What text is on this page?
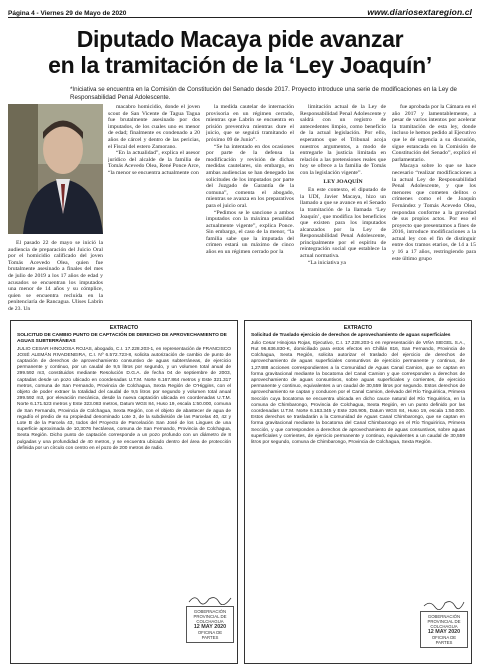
Página 4 - Viernes 29 de Mayo de 2020	www.diariosextaregion.cl
Diputado Macaya pide avanzar
en la tramitación de la ‘Ley Joaquín’
*Iniciativa se encuentra en la Comisión de Constitución del Senado desde 2017. Proyecto introduce una serie de modificaciones en la Ley de Responsabilidad Penal Adolescente.

El pasado 22 de mayo se inició la audiencia de preparación del Juicio Oral por el homicidio calificado del joven Tomás Acevedo Olea, quien fue brutalmente asesinado a finales del mes de julio de 2019 a los 17 años de edad y acusados se encuentran los imputados una menor de 14 años y su cómplice, quien se encuentra recluida en la penitenciaría de Rancagua. Ulises Labrín de 23. Un

macabro homicidio, donde el joven scout de San Vicente de Tagua Tagua fue brutalmente asesinado por dos imputados, de los cuales uno es menor de edad; finalmente es condenado a 20 años de cárcel y dentro de las pericias, el Fiscal del estero Zamorano.

“En la actualidad”, explica el asesor jurídico del alcalde de la familia de Tomás Acevedo Olea, René Ponce Arce, “la menor se encuentra actualmente con

la medida cautelar de internación provisoria en un régimen cerrado, mientras que Labrín se encuentra en prisión preventiva mientras dure el juicio, que se seguirá tramitando el próximo 09 de Junio”.

“Se ha intentado en dos ocasiones por parte de la defensa la modificación y revisión de dichas medidas cautelares, sin embargo, en ambas audiencias se han denegado las solicitudes de los imputados por parte del Juzgado de Garantía de la comuna”, comenta el abogado, mientras se avanza en los preparativos para el juicio oral.

“Pedimos se le sancione a ambos imputados con la máxima penalidad actualmente vigente”, explica Ponce. Sin embargo, el caso de la menor, “la familia sabe que la imputada del crimen estará un máximo de cinco años en un régimen cerrado por la

limitación actual de la Ley de Responsabilidad Penal Adolescente y saldrá con un registro de antecedentes limpio, como beneficio de la actual legislación. Por ello, esperamos que el Tribunal acoja nuestros argumentos, a modo de entregarle la justicia limitada en relación a las pretensiones reales que hoy se ofrece a la familia de Tomás con la legislación vigente”.

LEY JOAQUÍN

En este contexto, el diputado de la UDI, Javier Macaya, hizo un llamado a que se avance en el Senado la tramitación de la llamada ‘Ley Joaquín’, que modifica los beneficios que existen para los imputados alcanzados por la Ley de Responsabilidad Penal Adolescente, principalmente por el espíritu de reintegración social que establece la actual normativa.

“La iniciativa ya

fue aprobada por la Cámara en el año 2017 y lamentablemente, a pesar de varios intentos por acelerar la tramitación de esta ley, donde incluso le hemos pedido al Ejecutivo que le dé urgencia a su discusión, sigue estancada en la Comisión de Constitución del Senado”, explicó el parlamentario.

Macaya sobre lo que se hace necesario “realizar modificaciones a la actual Ley de Responsabilidad Penal Adolescente, y que los menores que cometen delitos o crímenes como el de Joaquín Fernández y Tomás Acevedo Olea, respondan conforme a la gravedad de sus propios actos. Por eso el proyecto que presentamos a fines de 2016, introduce modificaciones a la actual ley con el fin de distinguir entre dos tramos etarios, de 14 a 15 y 16 a 17 años, restringiendo para este último grupo

EXTRACTO
SOLICITUD DE CAMBIO PUNTO DE CAPTACIÓN DE DERECHO DE APROVECHAMIENTO DE AGUAS SUBTERRÁNEAS
JULIO CESAR HINOJOSA ROJAS, abogado, C.I. 17.228.203-1, en representación de FRANCISCO JOSÉ ALEMÁN RIVADENEIRA, C.I. Nº 6.572.723-8, solicita autorización de cambio de punto de captación de derechos de aprovechamiento consuntivo de aguas subterráneas, de ejercicio permanente y continuo, por un caudal de 9,5 litros por segundo, y un volumen total anual de 299.592 m3, constituidos mediante Resolución D.G.A. de fecha 04 de septiembre de 2003, captadas desde un pozo ubicado en coordenadas U.T.M. Norte 6.167.864 metros y Este 321.317 metros, comuna de San Fernando, Provincia de Colchagua, Sexta Región de O'Higgins, con el objeto de poder extraer la totalidad del caudal de 9,5 litros por segundo y volumen total anual 299.592 m3, por elevación mecánica, desde la nueva captación ubicada en coordenadas U.T.M. Norte 6.171.523 metros y Este 323.083 metros, Datum WGS 84, Huso 19, escala 1:50.000, comuna de San Fernando, Provincia de Colchagua, Sexta Región, con el objeto de abastecer de agua de regadío el predio de su propiedad denominado Lote 3, de la subdivisión de las Parcelas 40, 42 y Lote B de la Parcela 43, todos del Proyecto de Parcelación San José de los Lingues de una superficie aproximada de 10,3076 hectáreas, comuna de San Fernando, Provincia de Colchagua, Sexta Región. Dicho punto de captación corresponde a un pozo profundo con un diámetro de 8 pulgadas y una profundidad de 40 metros, y se encuentra ubicado dentro del área de protección definida por un círculo con centro en el pozo de 200 metros de radio.
GOBERNACIÓN PROVINCIAL DE COLCHAGUA
12 MAY 2020
OFICINA DE PARTES
EXTRACTO
Solicitud de Traslado ejercicio de derechos de aprovechamiento de aguas superficiales
Julio Cesar Hinojosa Rojas, Ejecutivo, C.I. 17.228.203-1 en representación de VIÑA SIEGEL S.A., Rut 96.636.830-K, domiciliado para estos efectos en Chillán 816, San Fernando, Provincia de Colchagua, Sexta Región, solicita autorizar el traslado del ejercicio de derechos de aprovechamiento de aguas superficiales consuntivos de ejercicio permanente y continuo, de 1,27488 acciones correspondientes a la Comunidad de Aguas Canal Camion, que se captan en forma gravitacional mediante la bocatoma del Canal Camion y que corresponden a derechos de aprovechamiento de aguas consuntivos, sobre aguas superficiales y corrientes, de ejercicio permanente y continuo, equivalentes a un caudal de 30,559 litros por segundo. Estos derechos de aprovechamiento se captan y conducen por el Canal Camion, derivado del Río Tinguiririca, Primera Sección cuya bocatoma se encuentra ubicada en dicho cauce natural del Río Tinguiririca, en la comuna de Chimbarongo, Provincia de Colchagua, Sexta Región, en un punto definido por las coordenadas U.T.M. Norte 6.163.345 y Este 326.905, Datum WGS 84, Huso 19, escala 1:50.000. Estos derechos se trasladarán a la Comunidad de Aguas Canal Chimbarongo, que se captan en forma gravitacional mediante la bocatoma del Canal Chimbarongo en el Río Tinguiririca, Primera Sección, y que corresponden a derechos de aprovechamiento de aguas consuntivos, sobre aguas superficiales y corrientes, de ejercicio permanente y continuo, equivalentes a un caudal de 30,559 litros por segundo, comuna de Chimbarongo, Provincia de Colchagua, Sexta Región.
GOBERNACIÓN PROVINCIAL DE COLCHAGUA
12 MAY 2020
OFICINA DE PARTES
